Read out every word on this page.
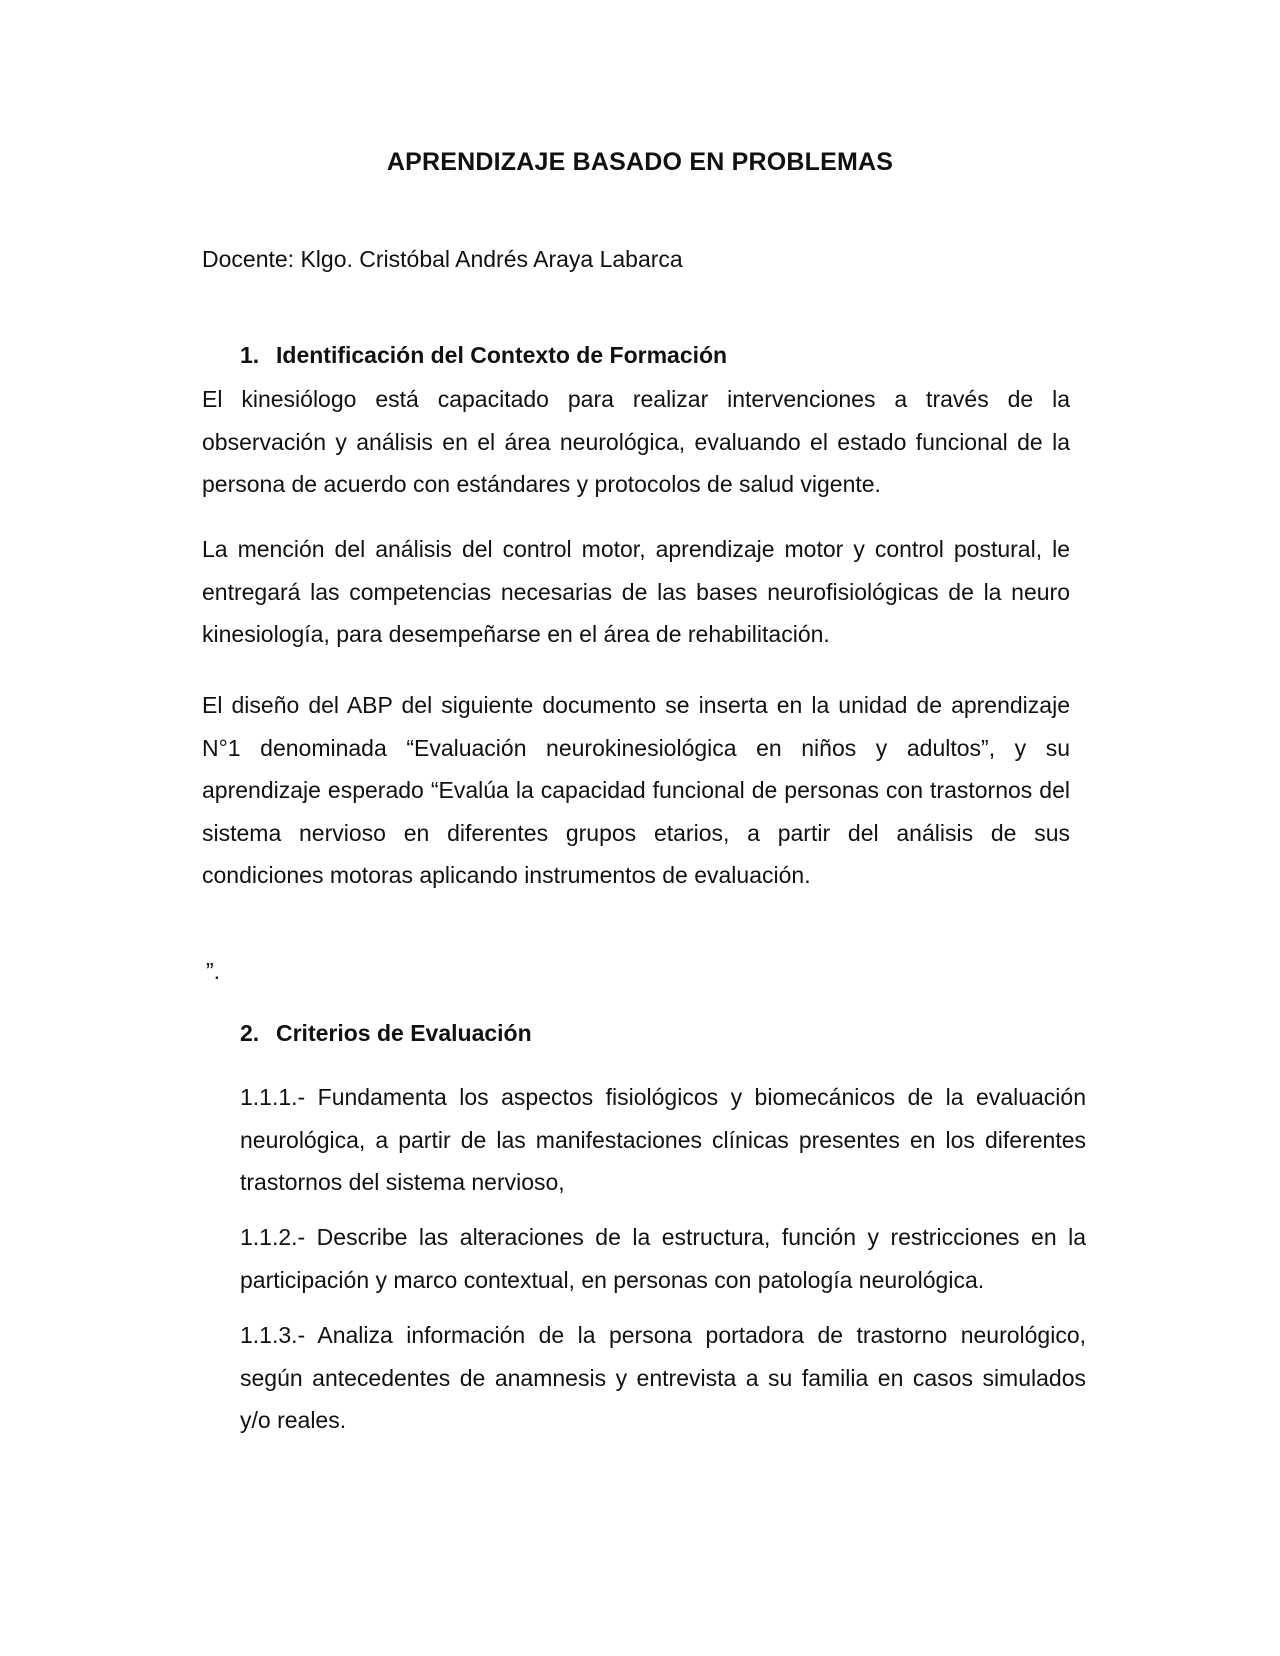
APRENDIZAJE BASADO EN PROBLEMAS
Docente: Klgo. Cristóbal Andrés Araya Labarca
1. Identificación del Contexto de Formación

El kinesiólogo está capacitado para realizar intervenciones a través de la observación y análisis en el área neurológica, evaluando el estado funcional de la persona de acuerdo con estándares y protocolos de salud vigente.

La mención del análisis del control motor, aprendizaje motor y control postural, le entregará las competencias necesarias de las bases neurofisiológicas de la neuro kinesiología, para desempeñarse en el área de rehabilitación.

El diseño del ABP del siguiente documento se inserta en la unidad de aprendizaje N°1 denominada “Evaluación neurokinesiológica en niños y adultos”, y su aprendizaje esperado “Evalúa la capacidad funcional de personas con trastornos del sistema nervioso en diferentes grupos etarios, a partir del análisis de sus condiciones motoras aplicando instrumentos de evaluación.

”.
2. Criterios de Evaluación

1.1.1.- Fundamenta los aspectos fisiológicos y biomecánicos de la evaluación neurológica, a partir de las manifestaciones clínicas presentes en los diferentes trastornos del sistema nervioso,

1.1.2.- Describe las alteraciones de la estructura, función y restricciones en la participación y marco contextual, en personas con patología neurológica.

1.1.3.- Analiza información de la persona portadora de trastorno neurológico, según antecedentes de anamnesis y entrevista a su familia en casos simulados y/o reales.
